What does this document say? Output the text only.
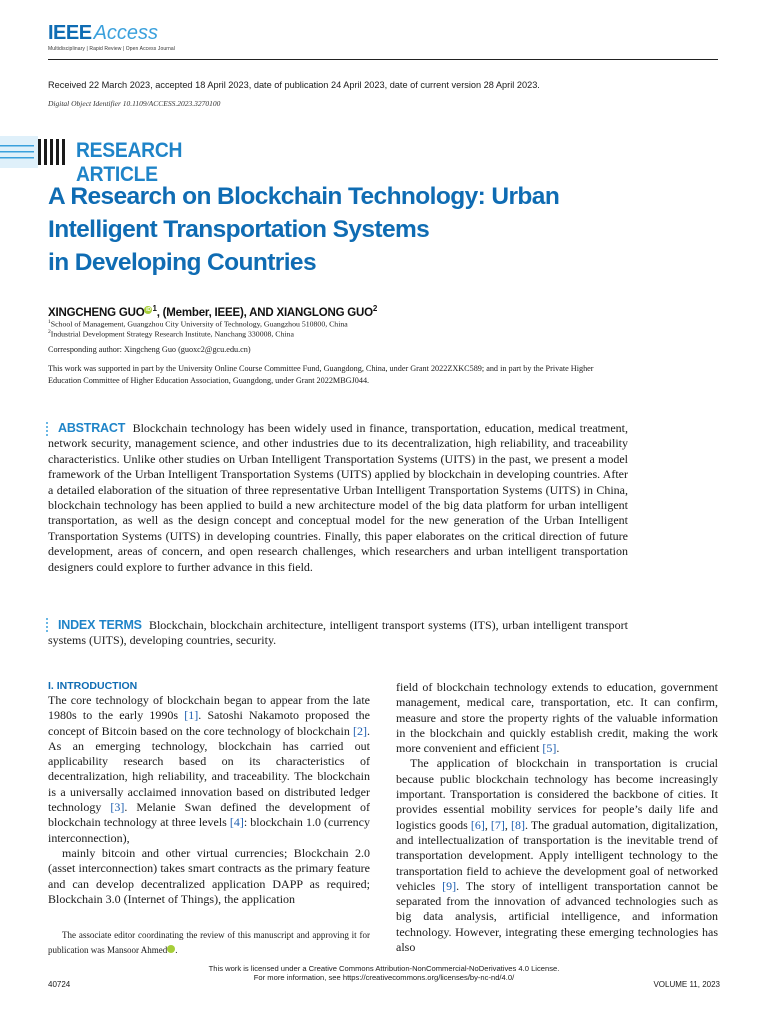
IEEE Access
Multidisciplinary | Rapid Review | Open Access Journal
Received 22 March 2023, accepted 18 April 2023, date of publication 24 April 2023, date of current version 28 April 2023.
Digital Object Identifier 10.1109/ACCESS.2023.3270100
RESEARCH ARTICLE
A Research on Blockchain Technology: Urban
Intelligent Transportation Systems
in Developing Countries
XINGCHENG GUO iD $^1$, (Member, IEEE), AND XIANGLONG GUO$^2$
$^1$School of Management, Guangzhou City University of Technology, Guangzhou 510800, China
$^2$Industrial Development Strategy Research Institute, Nanchang 330008, China
Corresponding author: Xingcheng Guo (guoxc2@gcu.edu.cn)
This work was supported in part by the University Online Course Committee Fund, Guangdong, China, under Grant 2022ZXKC589; and in part by the Private Higher Education Committee of Higher Education Association, Guangdong, under Grant 2022MBGJ044.

ABSTRACT Blockchain technology has been widely used in finance, transportation, education, medical treatment, network security, management science, and other industries due to its decentralization, high reliability, and traceability characteristics. Unlike other studies on Urban Intelligent Transportation Systems (UITS) in the past, we present a model framework of the Urban Intelligent Transportation Systems (UITS) applied by blockchain in developing countries. After a detailed elaboration of the situation of three representative Urban Intelligent Transportation Systems (UITS) in China, blockchain technology has been applied to build a new architecture model of the big data platform for urban intelligent transportation, as well as the design concept and conceptual model for the new generation of the Urban Intelligent Transportation Systems (UITS) in developing countries. Finally, this paper elaborates on the critical direction of future development, areas of concern, and open research challenges, which researchers and urban intelligent transportation designers could explore to further advance in this field.

INDEX TERMS Blockchain, blockchain architecture, intelligent transport systems (ITS), urban intelligent transport systems (UITS), developing countries, security.

I. INTRODUCTION

The core technology of blockchain began to appear from the late 1980s to the early 1990s [1]. Satoshi Nakamoto proposed the concept of Bitcoin based on the core technology of blockchain [2]. As an emerging technology, blockchain has carried out applicability research based on its characteristics of decentralization, high reliability, and traceability. The blockchain is a universally acclaimed innovation based on distributed ledger technology [3]. Melanie Swan defined the development of blockchain technology at three levels [4]: blockchain 1.0 (currency interconnection),

mainly bitcoin and other virtual currencies; Blockchain 2.0 (asset interconnection) takes smart contracts as the primary feature and can develop decentralized application DAPP as required; Blockchain 3.0 (Internet of Things), the application

The associate editor coordinating the review of this manuscript and approving it for publication was Mansoor Ahmed	iD.

field of blockchain technology extends to education, government management, medical care, transportation, etc. It can confirm, measure and store the property rights of the valuable information in the blockchain and quickly establish credit, making the work more convenient and efficient [5].

The application of blockchain in transportation is crucial because public blockchain technology has become increasingly important. Transportation is considered the backbone of cities. It provides essential mobility services for people’s daily life and logistics goods [6], [7], [8]. The gradual automation, digitalization, and intellectualization of transportation is the inevitable trend of transportation development. Apply intelligent technology to the transportation field to achieve the development goal of networked vehicles [9]. The story of intelligent transportation cannot be separated from the innovation of advanced technologies such as big data analysis, artificial intelligence, and information technology. However, integrating these emerging technologies has also

This work is licensed under a Creative Commons Attribution-NonCommercial-NoDerivatives 4.0 License.
For more information, see https://creativecommons.org/licenses/by-nc-nd/4.0/
40724	VOLUME 11, 2023
